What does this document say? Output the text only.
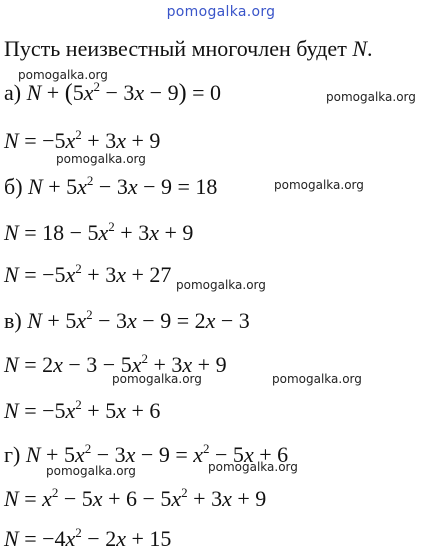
pomogalka.org
Пусть неизвестный многочлен будет N.
а) $N + (5x^2 - 3x - 9) = 0$
$N = -5x^2 + 3x + 9$
б) $N + 5x^2 - 3x - 9 = 18$
$N = 18 - 5x^2 + 3x + 9$
$N = -5x^2 + 3x + 27$
в) $N + 5x^2 - 3x - 9 = 2x - 3$
$N = 2x - 3 - 5x^2 + 3x + 9$
$N = -5x^2 + 5x + 6$
г) $N + 5x^2 - 3x - 9 = x^2 - 5x + 6$
$N = x^2 - 5x + 6 - 5x^2 + 3x + 9$
$N = -4x^2 - 2x + 15$
pomogalka.org
pomogalka.org
pomogalka.org
pomogalka.org
pomogalka.org
pomogalka.org	pomogalka.org
pomogalka.org	pomogalka.org
